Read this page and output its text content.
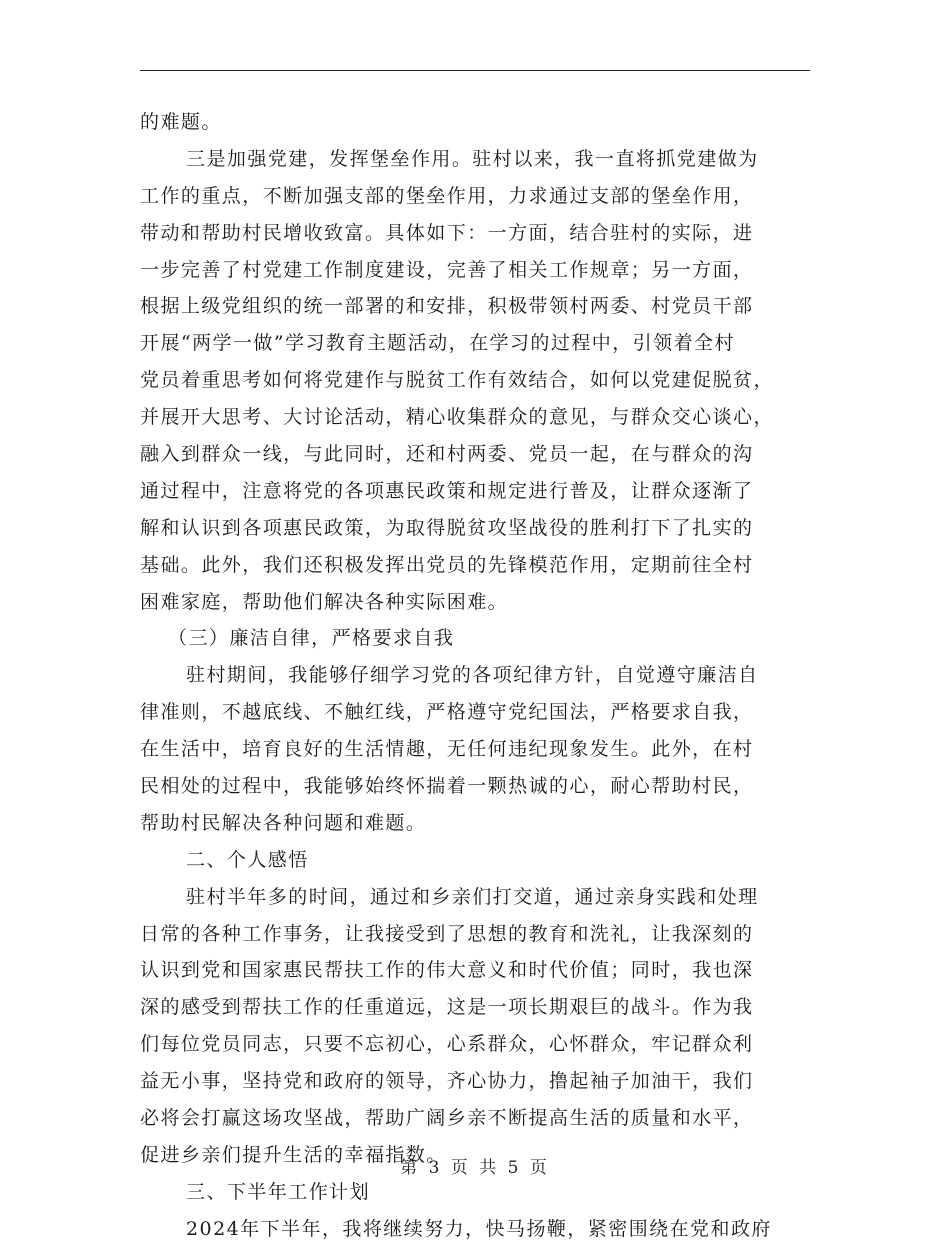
的难题。
三是加强党建，发挥堡垒作用。驻村以来，我一直将抓党建做为
工作的重点，不断加强支部的堡垒作用，力求通过支部的堡垒作用，
带动和帮助村民增收致富。具体如下：一方面，结合驻村的实际，进
一步完善了村党建工作制度建设，完善了相关工作规章；另一方面，
根据上级党组织的统一部署的和安排，积极带领村两委、村党员干部
开展“两学一做”学习教育主题活动，在学习的过程中，引领着全村
党员着重思考如何将党建作与脱贫工作有效结合，如何以党建促脱贫，
并展开大思考、大讨论活动，精心收集群众的意见，与群众交心谈心，
融入到群众一线，与此同时，还和村两委、党员一起，在与群众的沟
通过程中，注意将党的各项惠民政策和规定进行普及，让群众逐渐了
解和认识到各项惠民政策，为取得脱贫攻坚战役的胜利打下了扎实的
基础。此外，我们还积极发挥出党员的先锋模范作用，定期前往全村
困难家庭，帮助他们解决各种实际困难。
（三）廉洁自律，严格要求自我
驻村期间，我能够仔细学习党的各项纪律方针，自觉遵守廉洁自
律准则，不越底线、不触红线，严格遵守党纪国法，严格要求自我，
在生活中，培育良好的生活情趣，无任何违纪现象发生。此外，在村
民相处的过程中，我能够始终怀揣着一颗热诚的心，耐心帮助村民，
帮助村民解决各种问题和难题。
二、个人感悟
驻村半年多的时间，通过和乡亲们打交道，通过亲身实践和处理
日常的各种工作事务，让我接受到了思想的教育和洗礼，让我深刻的
认识到党和国家惠民帮扶工作的伟大意义和时代价值；同时，我也深
深的感受到帮扶工作的任重道远，这是一项长期艰巨的战斗。作为我
们每位党员同志，只要不忘初心，心系群众，心怀群众，牢记群众利
益无小事，坚持党和政府的领导，齐心协力，撸起袖子加油干，我们
必将会打赢这场攻坚战，帮助广阔乡亲不断提高生活的质量和水平，
促进乡亲们提升生活的幸福指数。
三、下半年工作计划
2024年下半年，我将继续努力，快马扬鞭，紧密围绕在党和政府
第 3 页 共 5 页
